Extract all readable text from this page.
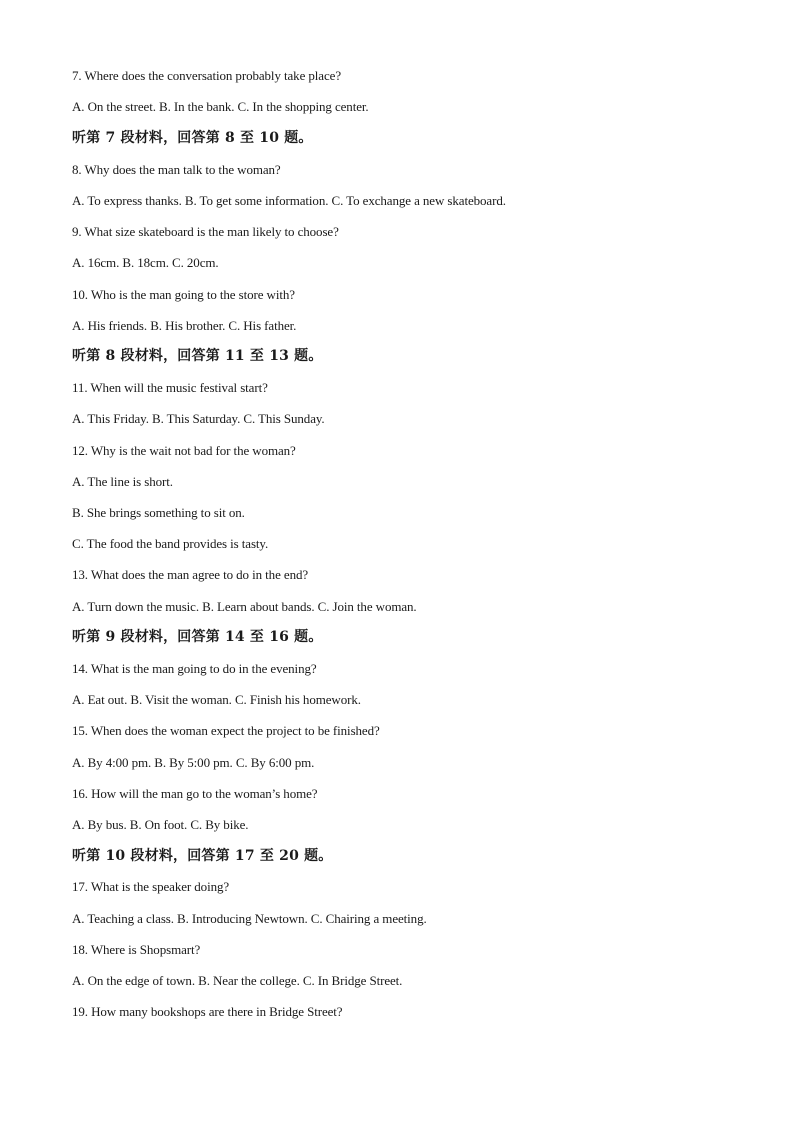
7. Where does the conversation probably take place?
A. On the street. B. In the bank. C. In the shopping center.
听第 7 段材料，回答第 8 至 10 题。
8. Why does the man talk to the woman?
A. To express thanks. B. To get some information. C. To exchange a new skateboard.
9. What size skateboard is the man likely to choose?
A. 16cm. B. 18cm. C. 20cm.
10. Who is the man going to the store with?
A. His friends. B. His brother. C. His father.
听第 8 段材料，回答第 11 至 13 题。
11. When will the music festival start?
A. This Friday. B. This Saturday. C. This Sunday.
12. Why is the wait not bad for the woman?
A. The line is short.
B. She brings something to sit on.
C. The food the band provides is tasty.
13. What does the man agree to do in the end?
A. Turn down the music. B. Learn about bands. C. Join the woman.
听第 9 段材料，回答第 14 至 16 题。
14. What is the man going to do in the evening?
A. Eat out. B. Visit the woman. C. Finish his homework.
15. When does the woman expect the project to be finished?
A. By 4:00 pm. B. By 5:00 pm. C. By 6:00 pm.
16. How will the man go to the woman’s home?
A. By bus. B. On foot. C. By bike.
听第 10 段材料，回答第 17 至 20 题。
17. What is the speaker doing?
A. Teaching a class. B. Introducing Newtown. C. Chairing a meeting.
18. Where is Shopsmart?
A. On the edge of town. B. Near the college. C. In Bridge Street.
19. How many bookshops are there in Bridge Street?
